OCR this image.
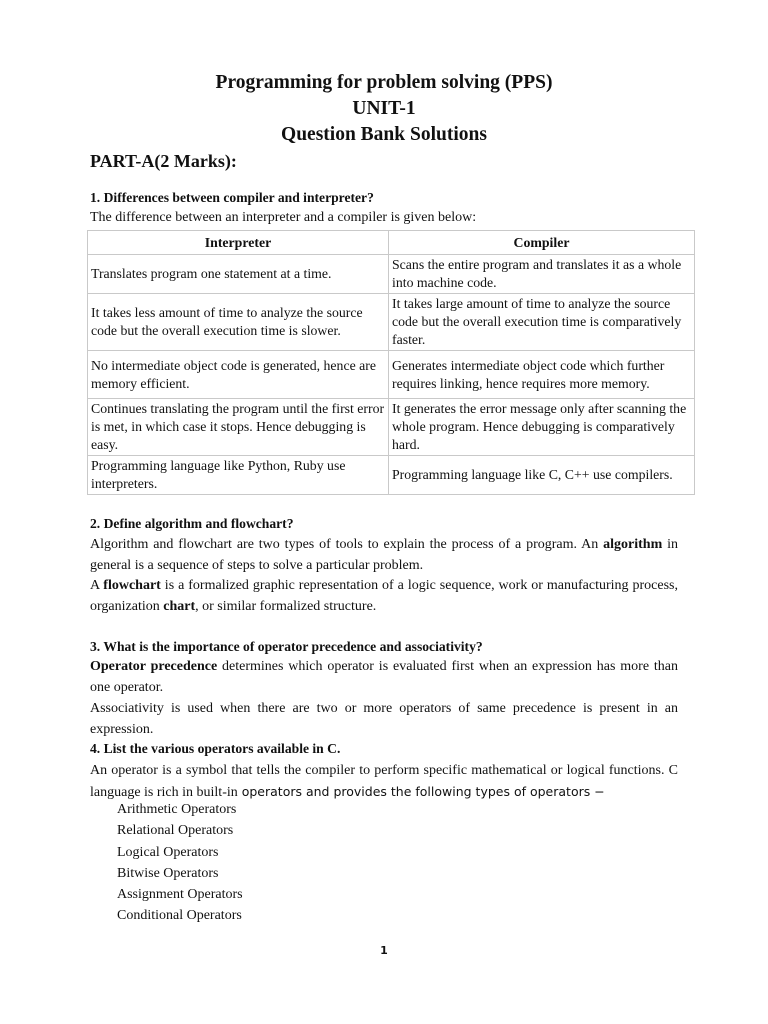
Programming for problem solving (PPS)
UNIT-1
Question Bank Solutions
PART-A(2 Marks):
1. Differences between compiler and interpreter?
The difference between an interpreter and a compiler is given below:
Interpreter	Compiler
Translates program one statement at a time.	Scans the entire program and translates it as a whole into machine code.
It takes less amount of time to analyze the source code but the overall execution time is slower.	It takes large amount of time to analyze the source code but the overall execution time is comparatively faster.
No intermediate object code is generated, hence are memory efficient.	Generates intermediate object code which further requires linking, hence requires more memory.
Continues translating the program until the first error is met, in which case it stops. Hence debugging is easy.	It generates the error message only after scanning the whole program. Hence debugging is comparatively hard.
Programming language like Python, Ruby use interpreters.	Programming language like C, C++ use compilers.
2. Define algorithm and flowchart?
Algorithm and flowchart are two types of tools to explain the process of a program. An algorithm in general is a sequence of steps to solve a particular problem.
A flowchart is a formalized graphic representation of a logic sequence, work or manufacturing process, organization chart, or similar formalized structure.
3. What is the importance of operator precedence and associativity?
Operator precedence determines which operator is evaluated first when an expression has more than one operator.
Associativity is used when there are two or more operators of same precedence is present in an expression.
4. List the various operators available in C.
An operator is a symbol that tells the compiler to perform specific mathematical or logical functions. C language is rich in built-in operators and provides the following types of operators −
Arithmetic Operators
Relational Operators
Logical Operators
Bitwise Operators
Assignment Operators
Conditional Operators
1
